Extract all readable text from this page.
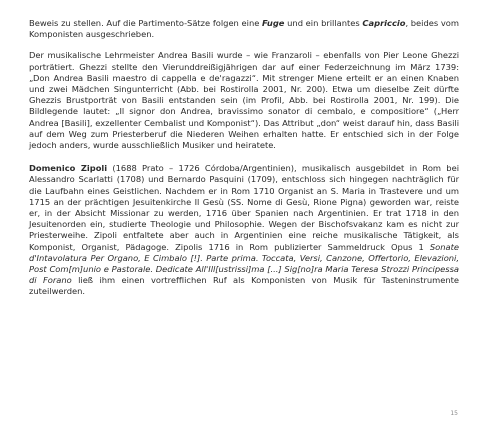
Beweis zu stellen. Auf die Partimento-Sätze folgen eine Fuge und ein brillantes Capriccio, beides vom Komponisten ausgeschrieben.

Der musikalische Lehrmeister Andrea Basili wurde – wie Franzaroli – ebenfalls von Pier Leone Ghezzi porträtiert. Ghezzi stellte den Vierunddreißigjährigen dar auf einer Federzeichnung im März 1739: „Don Andrea Basili maestro di cappella e de'ragazzi“. Mit strenger Miene erteilt er an einen Knaben und zwei Mädchen Singunterricht (Abb. bei Rostirolla 2001, Nr. 200). Etwa um dieselbe Zeit dürfte Ghezzis Brustporträt von Basili entstanden sein (im Profil, Abb. bei Rostirolla 2001, Nr. 199). Die Bildlegende lautet: „Il signor don Andrea, bravissimo sonator di cembalo, e compositiore“ („Herr Andrea [Basili], exzellenter Cembalist und Komponist“). Das Attribut „don“ weist darauf hin, dass Basili auf dem Weg zum Priesterberuf die Niederen Weihen erhalten hatte. Er entschied sich in der Folge jedoch anders, wurde ausschließlich Musiker und heiratete.

Domenico Zipoli (1688 Prato – 1726 Córdoba/Argentinien), musikalisch ausgebildet in Rom bei Alessandro Scarlatti (1708) und Bernardo Pasquini (1709), entschloss sich hingegen nachträglich für die Laufbahn eines Geistlichen. Nachdem er in Rom 1710 Organist an S. Maria in Trastevere und um 1715 an der prächtigen Jesuitenkirche Il Gesù (SS. Nome di Gesù, Rione Pigna) geworden war, reiste er, in der Absicht Missionar zu werden, 1716 über Spanien nach Argentinien. Er trat 1718 in den Jesuitenorden ein, studierte Theologie und Philosophie. Wegen der Bischofsvakanz kam es nicht zur Priesterweihe. Zipoli entfaltete aber auch in Argentinien eine reiche musikalische Tätigkeit, als Komponist, Organist, Pädagoge. Zipolis 1716 in Rom publizierter Sammeldruck Opus 1 Sonate d'Intavolatura Per Organo, E Cimbalo [!]. Parte prima. Toccata, Versi, Canzone, Offertorio, Elevazioni, Post Com[m]unio e Pastorale. Dedicate All'Ill[ustrissi]ma [...] Sig[no]ra Maria Teresa Strozzi Principessa di Forano ließ ihm einen vortrefflichen Ruf als Komponisten von Musik für Tasteninstrumente zuteilwerden.

15
